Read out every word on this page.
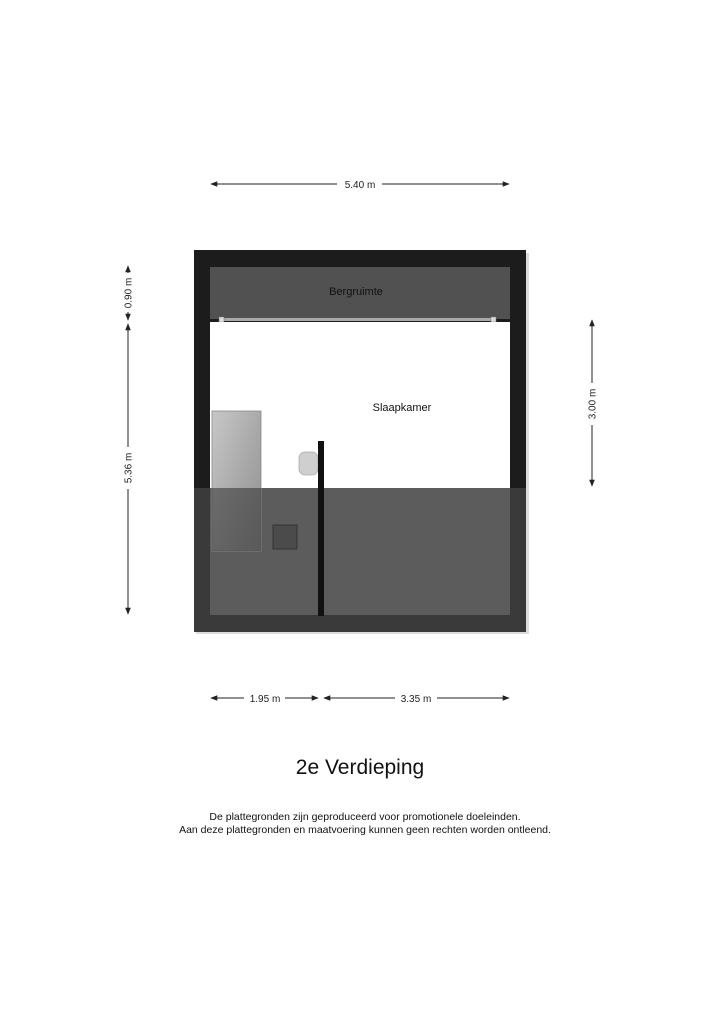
Bergruimte
Slaapkamer
5.40 m
0.90 m
5.36 m
3.00 m
1.95 m	3.35 m
2e Verdieping
De plattegronden zijn geproduceerd voor promotionele doeleinden.
Aan deze plattegronden en maatvoering kunnen geen rechten worden ontleend.
